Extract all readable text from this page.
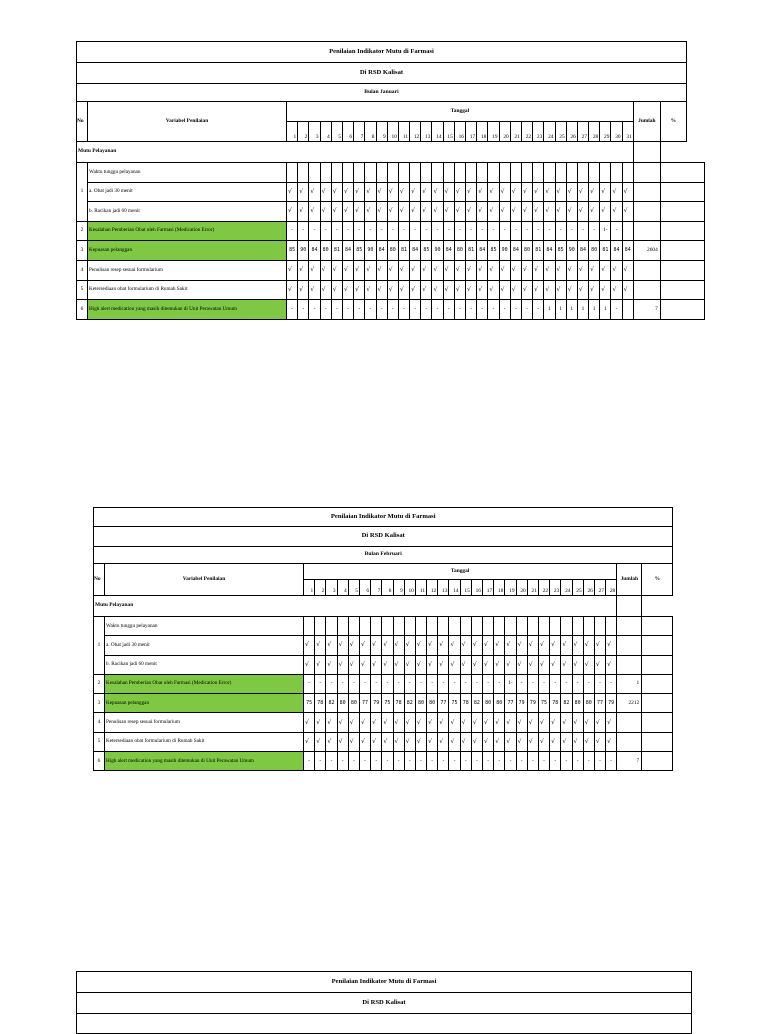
Penilaian Indikator Mutu di Farmasi																																		
Di RSD Kalisat																																		
Bulan Januari																																		
No	Variabel Penilaian	Tanggal																															Jumlah	%
		1	2	3	4	5	6	7	8	9	10	11	12	13	14	15	16	17	18	19	20	21	22	23	24	25	26	27	28	29	30	31		
Mutu Pelayanan																																		
1	Waktu tunggu pelayanan																																	
	a. Obat jadi 30 menit	√	√	√	√	√	√	√	√	√	√	√	√	√	√	√	√	√	√	√	√	√	√	√	√	√	√	√	√	√	√	√		
	b. Racikan jadi 60 menit	√	√	√	√	√	√	√	√	√	√	√	√	√	√	√	√	√	√	√	√	√	√	√	√	√	√	√	√	√	√	√		
2	Kesalahan Pemberian Obat oleh Farmasi (Medication Error)	-	-	-	-	-	-	-	-	-	-	-	-	-	-	-	-	-	-	-	-	-	-	-	-	-	-	-	-	1-	-			
3	Kepuasan pelanggan	85	90	84	80	81	84	85	90	84	80	81	84	85	90	84	80	81	84	85	90	84	80	81	84	85	90	84	80	81	84	84	2604	
4	Penulisan resep sesuai formularium	√	√	√	√	√	√	√	√	√	√	√	√	√	√	√	√	√	√	√	√	√	√	√	√	√	√	√	√	√	√	√		
5	Ketersediaan obat formularium di Rumah Sakit	√	√	√	√	√	√	√	√	√	√	√	√	√	√	√	√	√	√	√	√	√	√	√	√	√	√	√	√	√	√	√		
6	High alert medication yang masih ditemukan di Unit Perawatan Umum	-	-	-	-	-	-	-	-	-	-	-	-	-	-	-	-	-	-	-	-	-	-	-	1	1	1	1	1	1	-		7	
Penilaian Indikator Mutu di Farmasi																															
Di RSD Kalisat																															
Bulan Februari																															
No	Variabel Penilaian	Tanggal																												Jumlah	%
		1	2	3	4	5	6	7	8	9	10	11	12	13	14	15	16	17	18	19	20	21	22	23	24	25	26	27	28		
Mutu Pelayanan																															
1	Waktu tunggu pelayanan																														
	a. Obat jadi 30 menit	√	√	√	√	√	√	√	√	√	√	√	√	√	√	√	√	√	√	√	√	√	√	√	√	√	√	√	√		
	b. Racikan jadi 60 menit	√	√	√	√	√	√	√	√	√	√	√	√	√	√	√	√	√	√	√	√	√	√	√	√	√	√	√	√		
2	Kesalahan Pemberian Obat oleh Farmasi (Medication Error)	-	-	-	-	-	-	-	-	-	-	-	-	-	-	-	-	-	-	1-	-	-	-	-	-	-	-	-	-	1	
3	Kepuasan pelanggan	75	78	82	80	80	77	79	75	78	82	80	80	77	75	78	82	80	80	77	79	79	75	78	82	80	80	77	79	2212	
4	Penulisan resep sesuai formularium	√	√	√	√	√	√	√	√	√	√	√	√	√	√	√	√	√	√	√	√	√	√	√	√	√	√	√	√		
5	Ketersediaan obat formularium di Rumah Sakit	√	√	√	√	√	√	√	√	√	√	√	√	√	√	√	√	√	√	√	√	√	√	√	√	√	√	√	√		
6	High alert medication yang masih ditemukan di Unit Perawatan Umum	-	-	-	-	-	-	-	-	-	-	-	-	-	-	-	-	-	-	-	-	-	-	-	-	-	-	-	-	7	
Penilaian Indikator Mutu di Farmasi
Di RSD Kalisat
